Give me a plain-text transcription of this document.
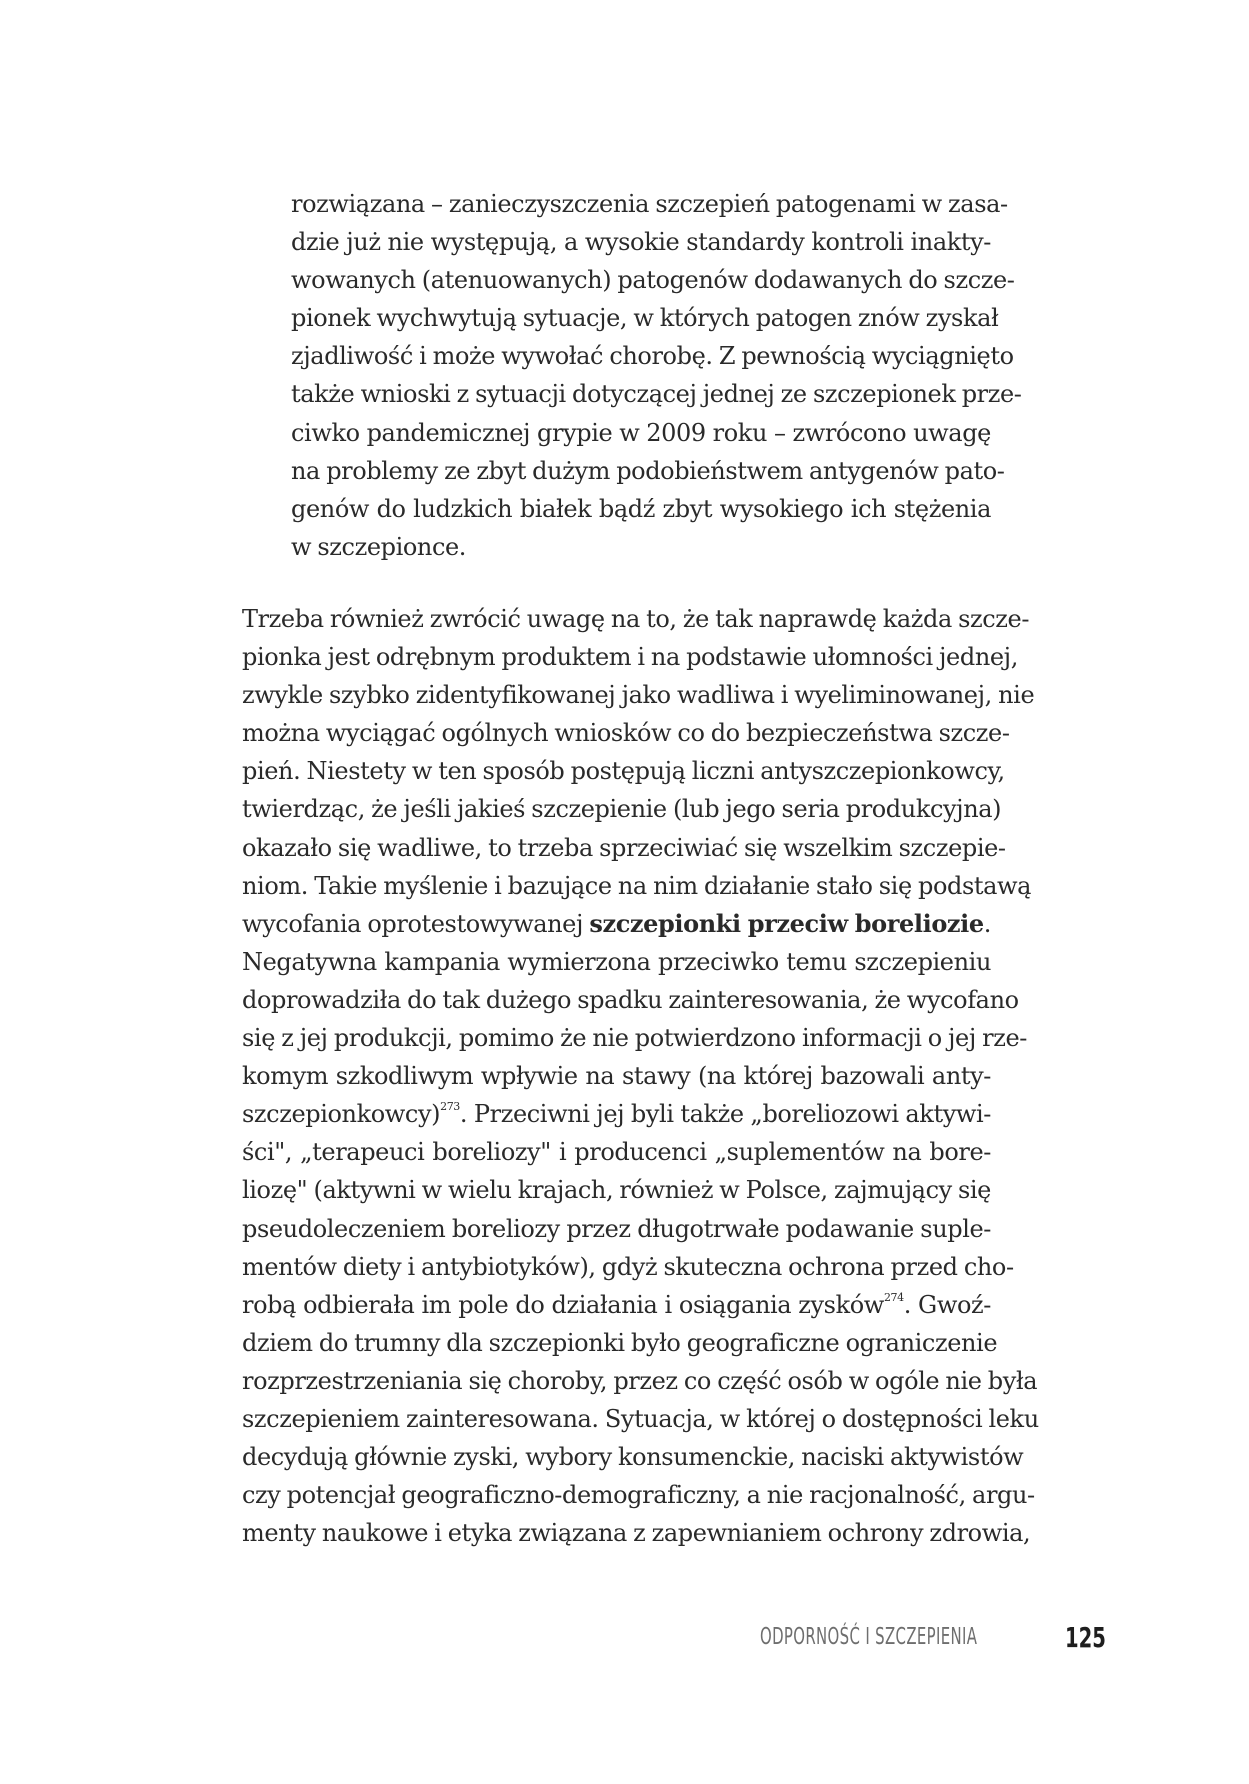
rozwiązana – zanieczyszczenia szczepień patogenami w zasa-
dzie już nie występują, a wysokie standardy kontroli inakty-
wowanych (atenuowanych) patogenów dodawanych do szcze-
pionek wychwytują sytuacje, w których patogen znów zyskał
zjadliwość i może wywołać chorobę. Z pewnością wyciągnięto
także wnioski z sytuacji dotyczącej jednej ze szczepionek prze-
ciwko pandemicznej grypie w 2009 roku – zwrócono uwagę
na problemy ze zbyt dużym podobieństwem antygenów pato-
genów do ludzkich białek bądź zbyt wysokiego ich stężenia
w szczepionce.
Trzeba również zwrócić uwagę na to, że tak naprawdę każda szcze-
pionka jest odrębnym produktem i na podstawie ułomności jednej,
zwykle szybko zidentyfikowanej jako wadliwa i wyeliminowanej, nie
można wyciągać ogólnych wniosków co do bezpieczeństwa szcze-
pień. Niestety w ten sposób postępują liczni antyszczepionkowcy,
twierdząc, że jeśli jakieś szczepienie (lub jego seria produkcyjna)
okazało się wadliwe, to trzeba sprzeciwiać się wszelkim szczepie-
niom. Takie myślenie i bazujące na nim działanie stało się podstawą
wycofania oprotestowywanej szczepionki przeciw boreliozie.
Negatywna kampania wymierzona przeciwko temu szczepieniu
doprowadziła do tak dużego spadku zainteresowania, że wycofano
się z jej produkcji, pomimo że nie potwierdzono informacji o jej rze-
komym szkodliwym wpływie na stawy (na której bazowali anty-
szczepionkowcy)$^{273}$. Przeciwni jej byli także „boreliozowi aktywi-
ści", „terapeuci boreliozy" i producenci „suplementów na bore-
liozę" (aktywni w wielu krajach, również w Polsce, zajmujący się
pseudoleczeniem boreliozy przez długotrwałe podawanie suple-
mentów diety i antybiotyków), gdyż skuteczna ochrona przed cho-
robą odbierała im pole do działania i osiągania zysków$^{274}$. Gwoź-
dziem do trumny dla szczepionki było geograficzne ograniczenie
rozprzestrzeniania się choroby, przez co część osób w ogóle nie była
szczepieniem zainteresowana. Sytuacja, w której o dostępności leku
decydują głównie zyski, wybory konsumenckie, naciski aktywistów
czy potencjał geograficzno-demograficzny, a nie racjonalność, argu-
menty naukowe i etyka związana z zapewnianiem ochrony zdrowia,
ODPORNOŚĆ I SZCZEPIENIA	125
